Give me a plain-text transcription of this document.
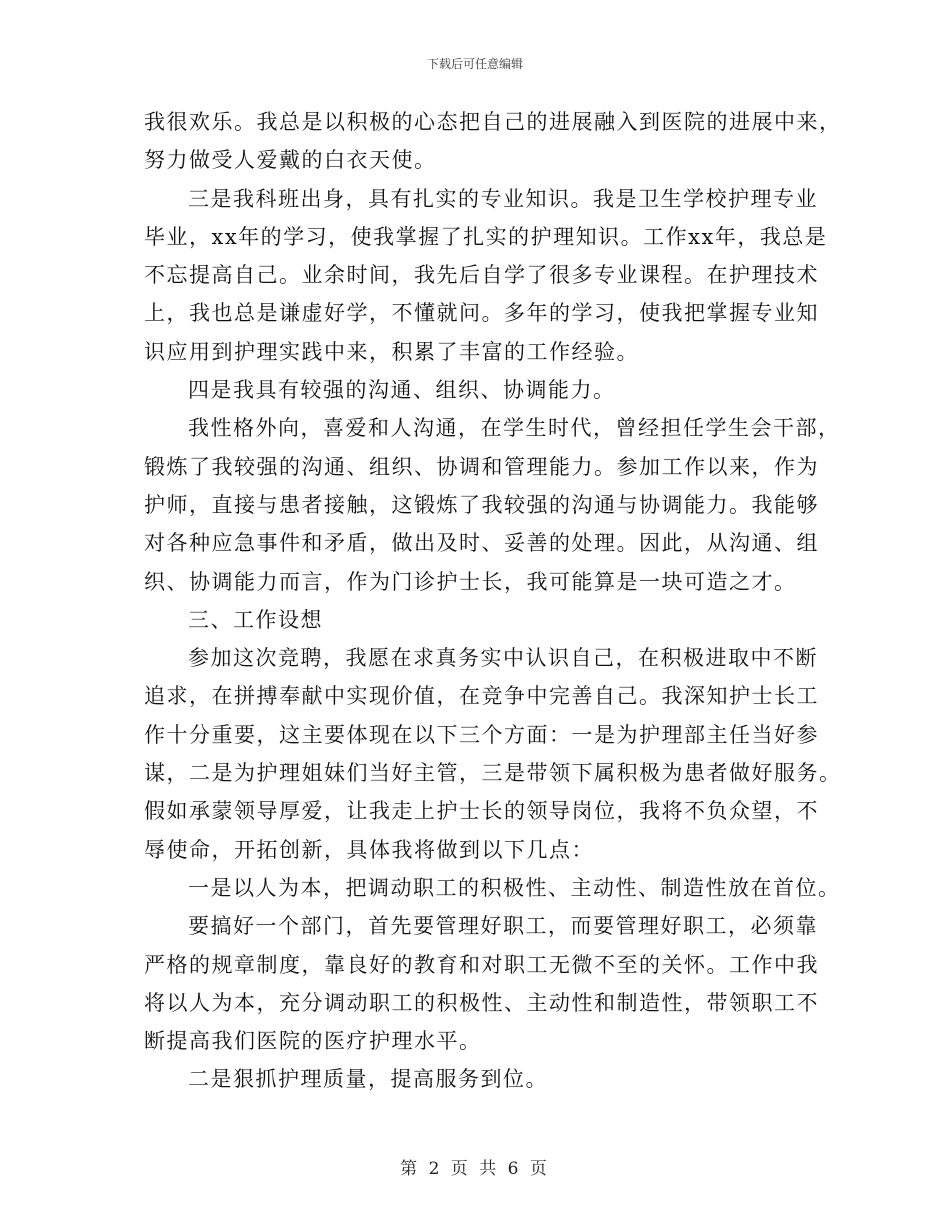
下载后可任意编辑
我很欢乐。我总是以积极的心态把自己的进展融入到医院的进展中来，
努力做受人爱戴的白衣天使。
三是我科班出身，具有扎实的专业知识。我是卫生学校护理专业
毕业，xx年的学习，使我掌握了扎实的护理知识。工作xx年，我总是
不忘提高自己。业余时间，我先后自学了很多专业课程。在护理技术
上，我也总是谦虚好学，不懂就问。多年的学习，使我把掌握专业知
识应用到护理实践中来，积累了丰富的工作经验。
四是我具有较强的沟通、组织、协调能力。
我性格外向，喜爱和人沟通，在学生时代，曾经担任学生会干部，
锻炼了我较强的沟通、组织、协调和管理能力。参加工作以来，作为
护师，直接与患者接触，这锻炼了我较强的沟通与协调能力。我能够
对各种应急事件和矛盾，做出及时、妥善的处理。因此，从沟通、组
织、协调能力而言，作为门诊护士长，我可能算是一块可造之才。
三、工作设想
参加这次竞聘，我愿在求真务实中认识自己，在积极进取中不断
追求，在拼搏奉献中实现价值，在竞争中完善自己。我深知护士长工
作十分重要，这主要体现在以下三个方面：一是为护理部主任当好参
谋，二是为护理姐妹们当好主管，三是带领下属积极为患者做好服务。
假如承蒙领导厚爱，让我走上护士长的领导岗位，我将不负众望，不
辱使命，开拓创新，具体我将做到以下几点：
一是以人为本，把调动职工的积极性、主动性、制造性放在首位。
要搞好一个部门，首先要管理好职工，而要管理好职工，必须靠
严格的规章制度，靠良好的教育和对职工无微不至的关怀。工作中我
将以人为本，充分调动职工的积极性、主动性和制造性，带领职工不
断提高我们医院的医疗护理水平。
二是狠抓护理质量，提高服务到位。
第 2 页 共 6 页
